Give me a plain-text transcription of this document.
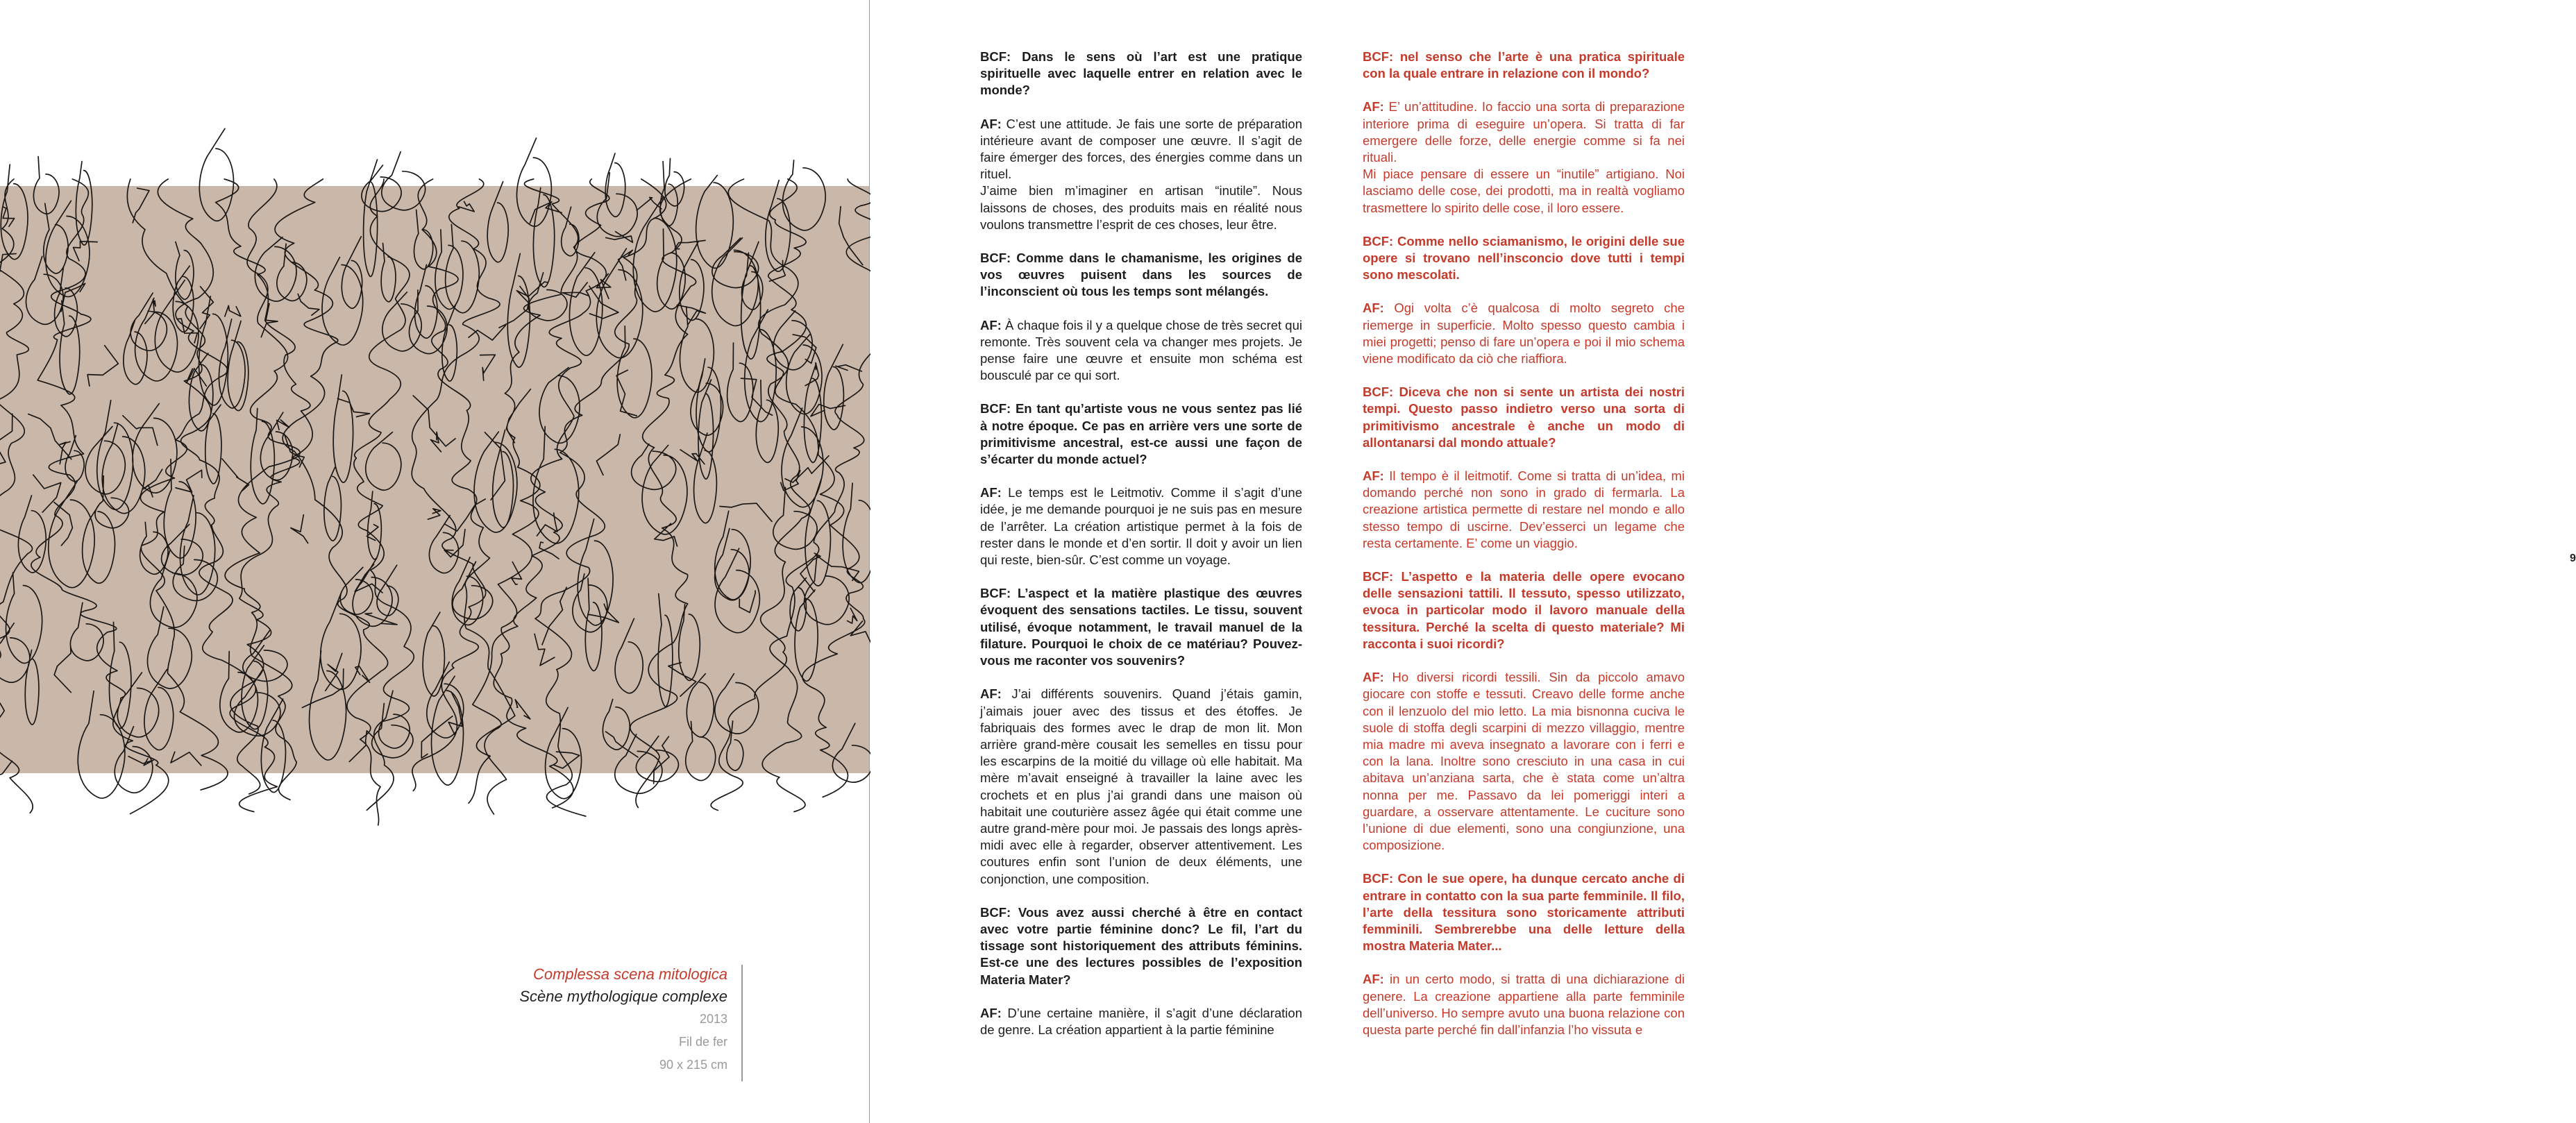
Complessa scena mitologica
Scène mythologique complexe
2013
Fil de fer
90 x 215 cm
9

BCF: Dans le sens où l’art est une pratique spirituelle avec laquelle entrer en relation avec le monde?

AF: C’est une attitude. Je fais une sorte de préparation intérieure avant de composer une œuvre. Il s’agit de faire émerger des forces, des énergies comme dans un rituel.
J’aime bien m’imaginer en artisan “inutile”. Nous laissons de choses, des produits mais en réalité nous voulons transmettre l’esprit de ces choses, leur être.

BCF: Comme dans le chamanisme, les origines de vos œuvres puisent dans les sources de l’inconscient où tous les temps sont mélangés.

AF: À chaque fois il y a quelque chose de très secret qui remonte. Très souvent cela va changer mes projets. Je pense faire une œuvre et ensuite mon schéma est bousculé par ce qui sort.

BCF: En tant qu’artiste vous ne vous sentez pas lié à notre époque. Ce pas en arrière vers une sorte de primitivisme ancestral, est-ce aussi une façon de s’écarter du monde actuel?

AF: Le temps est le Leitmotiv. Comme il s’agit d’une idée, je me demande pourquoi je ne suis pas en mesure de l’arrêter. La création artistique permet à la fois de rester dans le monde et d’en sortir. Il doit y avoir un lien qui reste, bien-sûr. C’est comme un voyage.

BCF: L’aspect et la matière plastique des œuvres évoquent des sensations tactiles. Le tissu, souvent utilisé, évoque notamment, le travail manuel de la filature. Pourquoi le choix de ce matériau? Pouvez-vous me raconter vos souvenirs?

AF: J’ai différents souvenirs. Quand j’étais gamin, j’aimais jouer avec des tissus et des étoffes. Je fabriquais des formes avec le drap de mon lit. Mon arrière grand-mère cousait les semelles en tissu pour les escarpins de la moitié du village où elle habitait. Ma mère m’avait enseigné à travailler la laine avec les crochets et en plus j’ai grandi dans une maison où habitait une couturière assez âgée qui était comme une autre grand-mère pour moi. Je passais des longs après-midi avec elle à regarder, observer attentivement. Les coutures enfin sont l’union de deux éléments, une conjonction, une composition.

BCF: Vous avez aussi cherché à être en contact avec votre partie féminine donc? Le fil, l’art du tissage sont historiquement des attributs féminins. Est-ce une des lectures possibles de l’exposition Materia Mater?

AF: D’une certaine manière, il s’agit d’une déclaration de genre. La création appartient à la partie féminine

BCF: nel senso che l’arte è una pratica spirituale con la quale entrare in relazione con il mondo?

AF: E’ un’attitudine. Io faccio una sorta di preparazione interiore prima di eseguire un’opera. Si tratta di far emergere delle forze, delle energie comme si fa nei rituali.
Mi piace pensare di essere un “inutile” artigiano. Noi lasciamo delle cose, dei prodotti, ma in realtà vogliamo trasmettere lo spirito delle cose, il loro essere.

BCF: Comme nello sciamanismo, le origini delle sue opere si trovano nell’insconcio dove tutti i tempi sono mescolati.

AF: Ogi volta c’è qualcosa di molto segreto che riemerge in superficie. Molto spesso questo cambia i miei progetti; penso di fare un’opera e poi il mio schema viene modificato da ciò che riaffiora.

BCF: Diceva che non si sente un artista dei nostri tempi. Questo passo indietro verso una sorta di primitivismo ancestrale è anche un modo di allontanarsi dal mondo attuale?

AF: Il tempo è il leitmotif. Come si tratta di un’idea, mi domando perché non sono in grado di fermarla. La creazione artistica permette di restare nel mondo e allo stesso tempo di uscirne. Dev’esserci un legame che resta certamente. E’ come un viaggio.

BCF: L’aspetto e la materia delle opere evocano delle sensazioni tattili. Il tessuto, spesso utilizzato, evoca in particolar modo il lavoro manuale della tessitura. Perché la scelta di questo materiale? Mi racconta i suoi ricordi?

AF: Ho diversi ricordi tessili. Sin da piccolo amavo giocare con stoffe e tessuti. Creavo delle forme anche con il lenzuolo del mio letto. La mia bisnonna cuciva le suole di stoffa degli scarpini di mezzo villaggio, mentre mia madre mi aveva insegnato a lavorare con i ferri e con la lana. Inoltre sono cresciuto in una casa in cui abitava un’anziana sarta, che è stata come un’altra nonna per me. Passavo da lei pomeriggi interi a guardare, a osservare attentamente. Le cuciture sono l’unione di due elementi, sono una congiunzione, una composizione.

BCF: Con le sue opere, ha dunque cercato anche di entrare in contatto con la sua parte femminile. Il filo, l’arte della tessitura sono storicamente attributi femminili. Sembrerebbe una delle letture della mostra Materia Mater...

AF: in un certo modo, si tratta di una dichiarazione di genere. La creazione appartiene alla parte femminile dell’universo. Ho sempre avuto una buona relazione con questa parte perché fin dall’infanzia l’ho vissuta e
